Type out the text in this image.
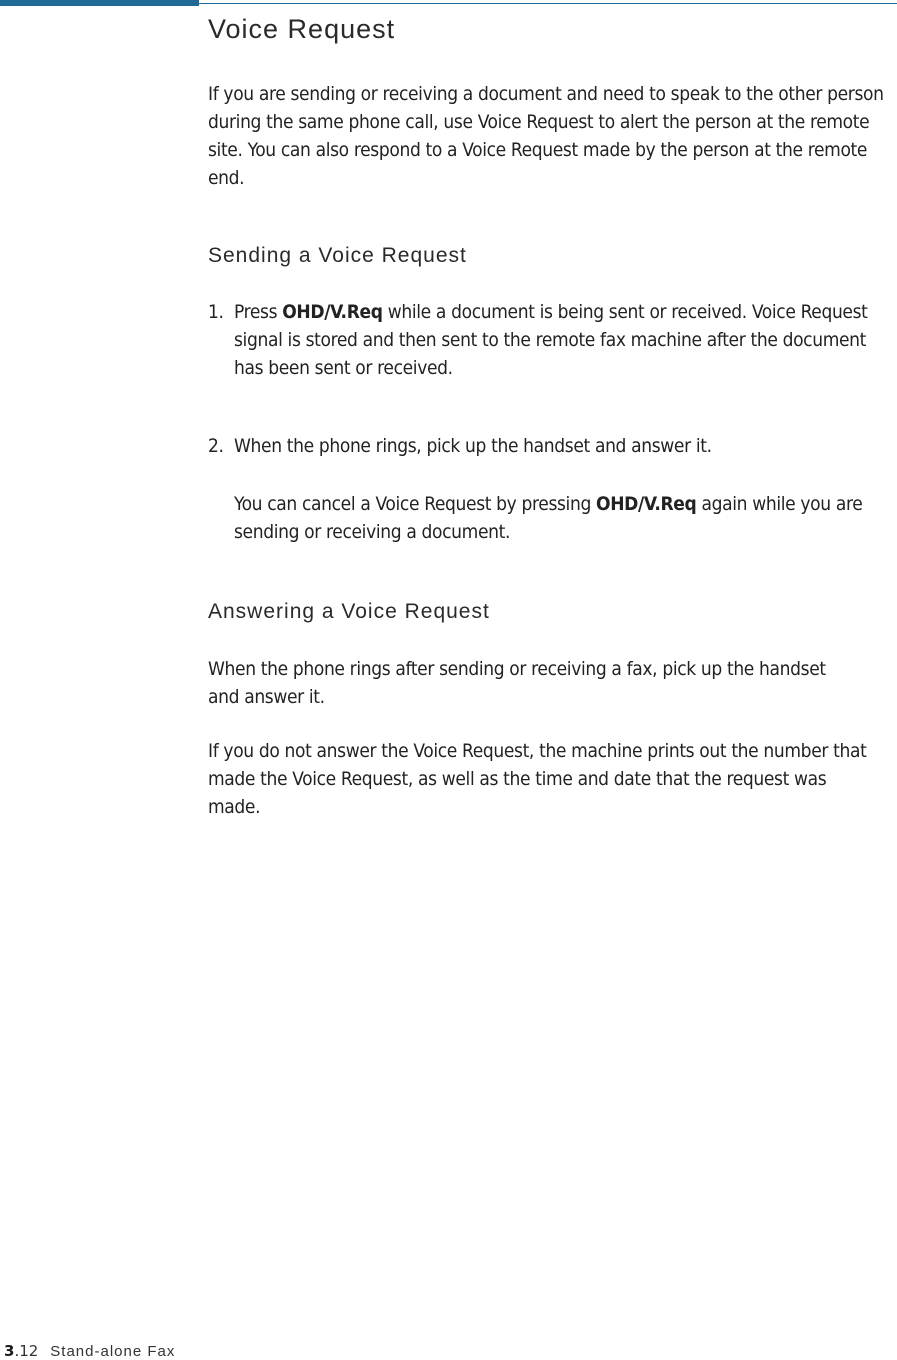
Voice Request
If you are sending or receiving a document and need to speak to the other person during the same phone call, use Voice Request to alert the person at the remote site. You can also respond to a Voice Request made by the person at the remote end.
Sending a Voice Request
1. Press OHD/V.Req while a document is being sent or received. Voice Request signal is stored and then sent to the remote fax machine after the document has been sent or received.
2. When the phone rings, pick up the handset and answer it.
You can cancel a Voice Request by pressing OHD/V.Req again while you are sending or receiving a document.
Answering a Voice Request
When the phone rings after sending or receiving a fax, pick up the handset and answer it.
If you do not answer the Voice Request, the machine prints out the number that made the Voice Request, as well as the time and date that the request was made.
3.12 Stand-alone Fax
